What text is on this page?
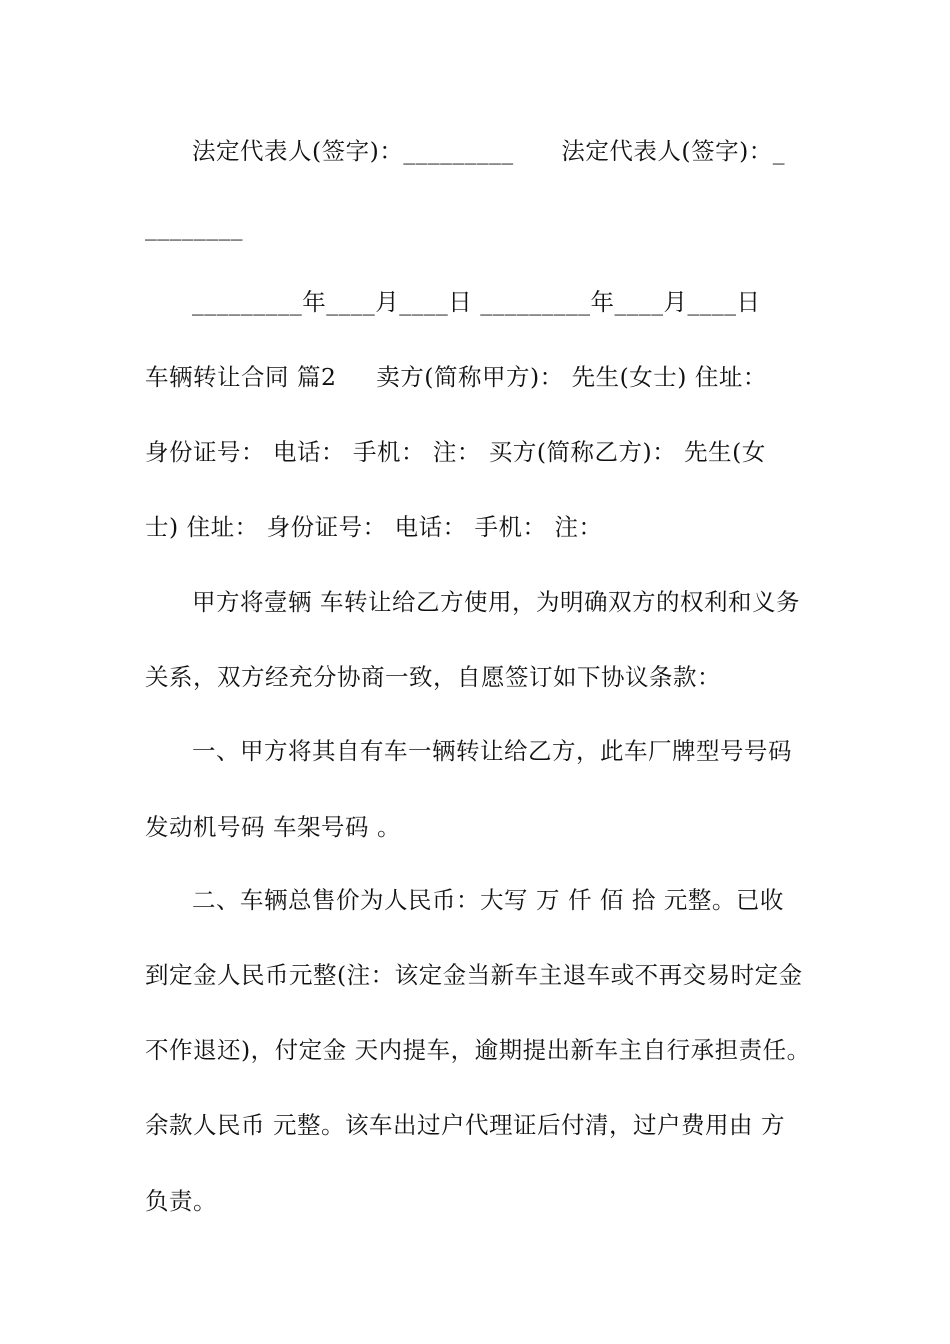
法定代表人(签字)：_________      法定代表人(签字)：_
________
_________年____月____日 _________年____月____日
车辆转让合同 篇2     卖方(简称甲方)： 先生(女士) 住址：
身份证号： 电话： 手机： 注： 买方(简称乙方)： 先生(女
士) 住址： 身份证号： 电话： 手机： 注：
甲方将壹辆 车转让给乙方使用，为明确双方的权利和义务
关系，双方经充分协商一致，自愿签订如下协议条款：
一、甲方将其自有车一辆转让给乙方，此车厂牌型号号码
发动机号码 车架号码 。
二、车辆总售价为人民币：大写 万 仟 佰 拾 元整。已收
到定金人民币元整(注：该定金当新车主退车或不再交易时定金
不作退还)，付定金 天内提车，逾期提出新车主自行承担责任。
余款人民币 元整。该车出过户代理证后付清，过户费用由 方
负责。
